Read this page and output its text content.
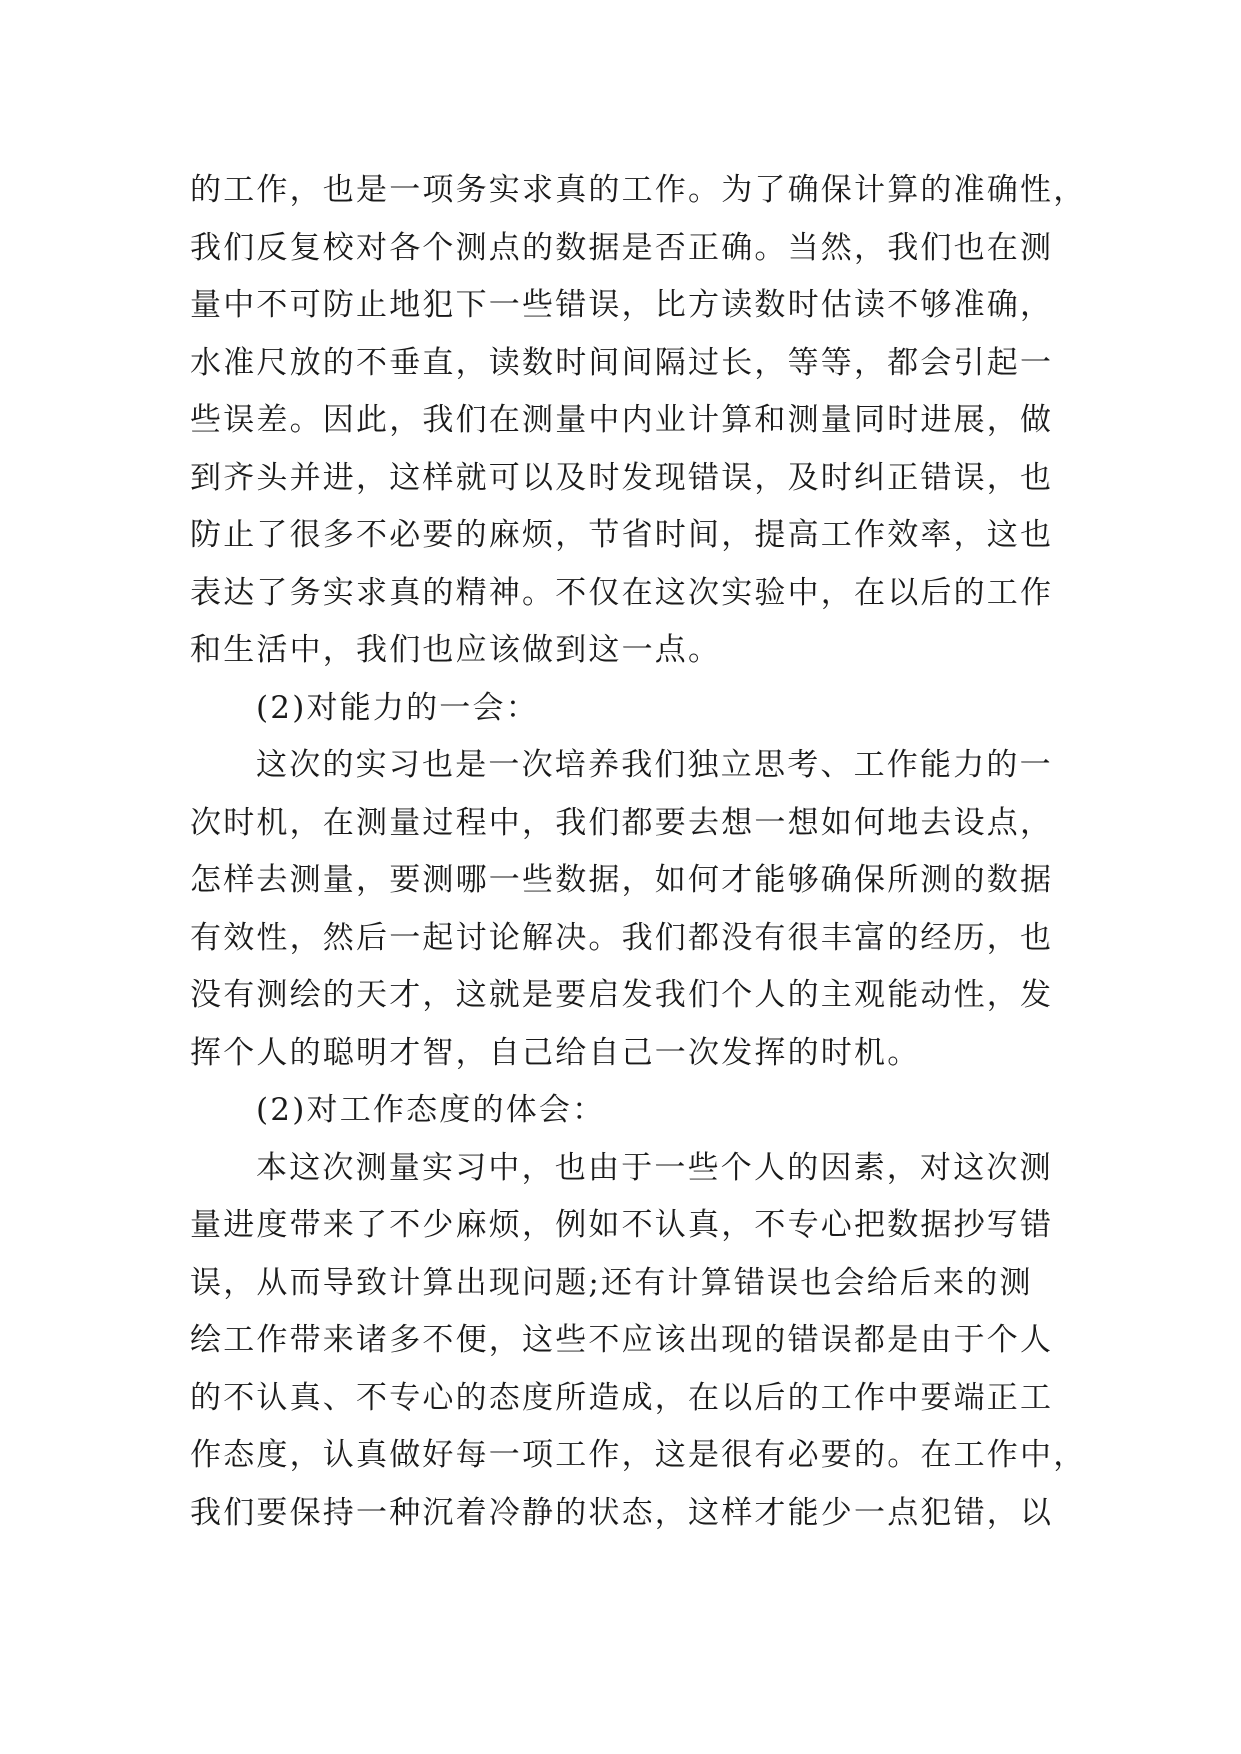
的工作，也是一项务实求真的工作。为了确保计算的准确性，
我们反复校对各个测点的数据是否正确。当然，我们也在测
量中不可防止地犯下一些错误，比方读数时估读不够准确，
水准尺放的不垂直，读数时间间隔过长，等等，都会引起一
些误差。因此，我们在测量中内业计算和测量同时进展，做
到齐头并进，这样就可以及时发现错误，及时纠正错误，也
防止了很多不必要的麻烦，节省时间，提高工作效率，这也
表达了务实求真的精神。不仅在这次实验中，在以后的工作
和生活中，我们也应该做到这一点。
(2)对能力的一会：
这次的实习也是一次培养我们独立思考、工作能力的一
次时机，在测量过程中，我们都要去想一想如何地去设点，
怎样去测量，要测哪一些数据，如何才能够确保所测的数据
有效性，然后一起讨论解决。我们都没有很丰富的经历，也
没有测绘的天才，这就是要启发我们个人的主观能动性，发
挥个人的聪明才智，自己给自己一次发挥的时机。
(2)对工作态度的体会：
本这次测量实习中，也由于一些个人的因素，对这次测
量进度带来了不少麻烦，例如不认真，不专心把数据抄写错
误，从而导致计算出现问题;还有计算错误也会给后来的测
绘工作带来诸多不便，这些不应该出现的错误都是由于个人
的不认真、不专心的态度所造成，在以后的工作中要端正工
作态度，认真做好每一项工作，这是很有必要的。在工作中，
我们要保持一种沉着冷静的状态，这样才能少一点犯错，以
